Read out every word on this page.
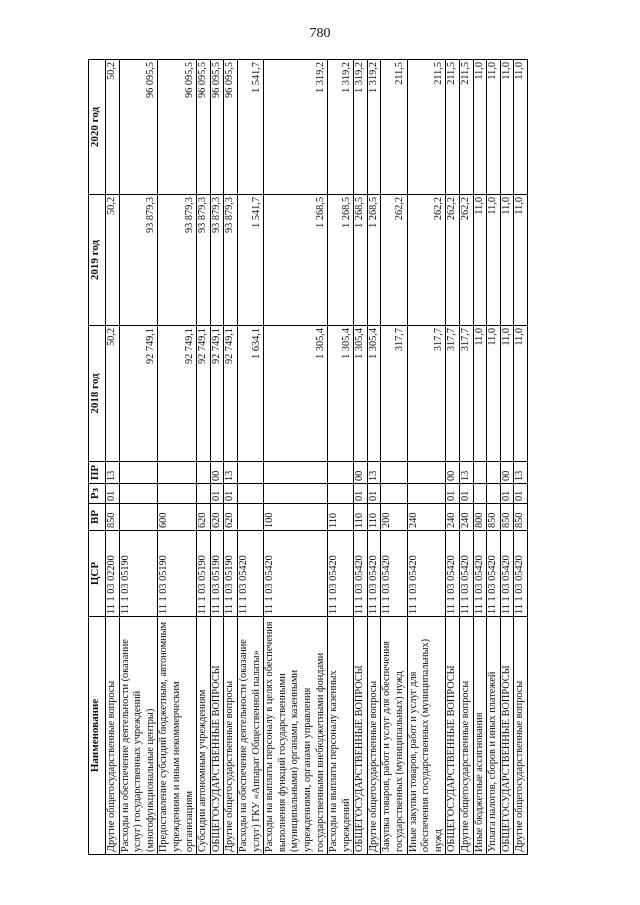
780
Наименование	ЦСР	ВР	Рз	ПР	2018 год	2019 год	2020 год
Другие общегосударственные вопросы	11 1 03 02200	850	01	13	50,2	50,2	50,2
Расходы на обеспечение деятельности (оказание услуг) государственных учреждений (многофункциональные центры)	11 1 03 05190				92 749,1	93 879,3	96 095,5
Предоставление субсидий бюджетным, автономным учреждениям и иным некоммерческим организациям	11 1 03 05190	600			92 749,1	93 879,3	96 095,5
Субсидии автономным учреждениям	11 1 03 05190	620			92 749,1	93 879,3	96 095,5
ОБЩЕГОСУДАРСТВЕННЫЕ ВОПРОСЫ	11 1 03 05190	620	01	00	92 749,1	93 879,3	96 095,5
Другие общегосударственные вопросы	11 1 03 05190	620	01	13	92 749,1	93 879,3	96 095,5
Расходы на обеспечение деятельности (оказание услуг) ГКУ «Аппарат Общественной палаты»	11 1 03 05420				1 634,1	1 541,7	1 541,7
Расходы на выплаты персоналу в целях обеспечения выполнения функций государственными (муниципальными) органами, казенными учреждениями, органами управления государственными внебюджетными фондами	11 1 03 05420	100			1 305,4	1 268,5	1 319,2
Расходы на выплаты персоналу казенных учреждений	11 1 03 05420	110			1 305,4	1 268,5	1 319,2
ОБЩЕГОСУДАРСТВЕННЫЕ ВОПРОСЫ	11 1 03 05420	110	01	00	1 305,4	1 268,5	1 319,2
Другие общегосударственные вопросы	11 1 03 05420	110	01	13	1 305,4	1 268,5	1 319,2
Закупка товаров, работ и услуг для обеспечения государственных (муниципальных) нужд	11 1 03 05420	200			317,7	262,2	211,5
Иные закупки товаров, работ и услуг для обеспечения государственных (муниципальных) нужд	11 1 03 05420	240			317,7	262,2	211,5
ОБЩЕГОСУДАРСТВЕННЫЕ ВОПРОСЫ	11 1 03 05420	240	01	00	317,7	262,2	211,5
Другие общегосударственные вопросы	11 1 03 05420	240	01	13	317,7	262,2	211,5
Иные бюджетные ассигнования	11 1 03 05420	800			11,0	11,0	11,0
Уплата налогов, сборов и иных платежей	11 1 03 05420	850			11,0	11,0	11,0
ОБЩЕГОСУДАРСТВЕННЫЕ ВОПРОСЫ	11 1 03 05420	850	01	00	11,0	11,0	11,0
Другие общегосударственные вопросы	11 1 03 05420	850	01	13	11,0	11,0	11,0
